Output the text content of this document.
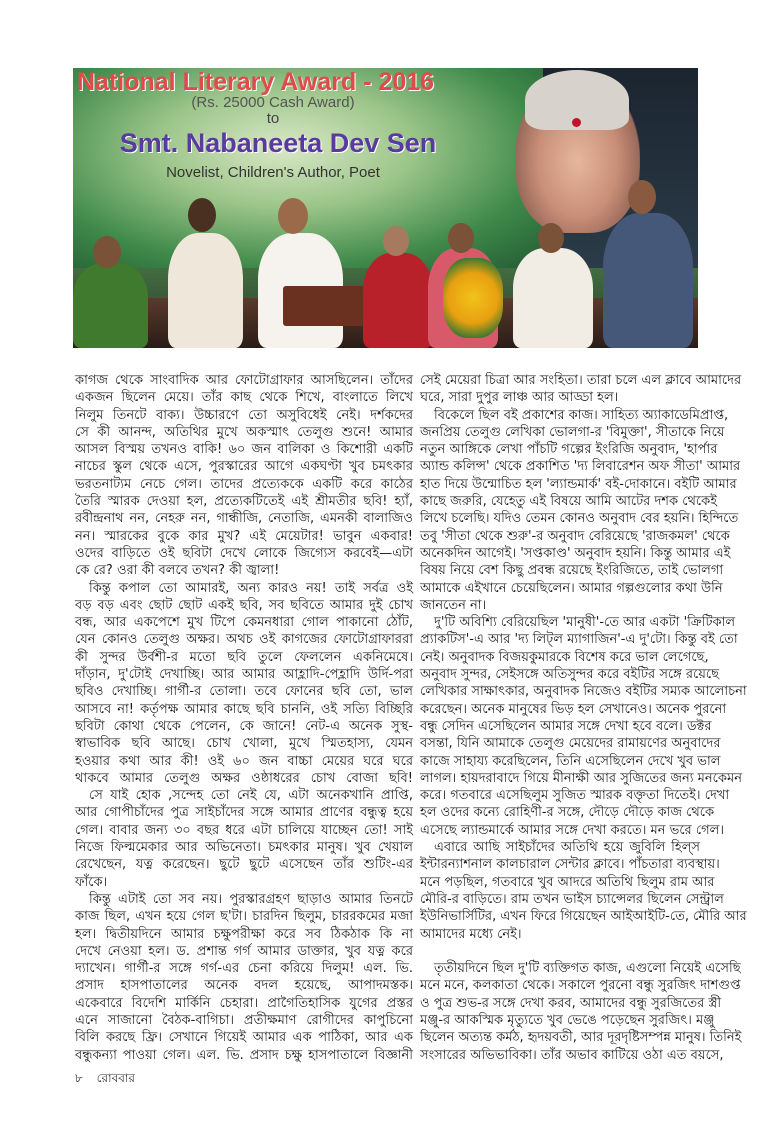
National Literary Award - 2016
(Rs. 25000 Cash Award)
to
Smt. Nabaneeta Dev Sen
Novelist, Children's Author, Poet
কাগজ থেকে সাংবাদিক আর ফোটোগ্রাফার আসছিলেন। তাঁদের
একজন ছিলেন মেয়ে। তাঁর কাছ থেকে শিখে, বাংলাতে লিখে
নিলুম তিনটে বাক্য। উচ্চারণে তো অসুবিধেই নেই। দর্শকদের
সে কী আনন্দ, অতিথির মুখে অকস্মাৎ তেলুগু শুনে! আমার
আসল বিস্ময় তখনও বাকি! ৬০ জন বালিকা ও কিশোরী একটি
নাচের স্কুল থেকে এসে, পুরস্কারের আগে একঘণ্টা খুব চমৎকার
ভরতনাট্যম নেচে গেল। তাদের প্রত্যেককে একটি করে কাঠের
তৈরি স্মারক দেওয়া হল, প্রত্যেকটিতেই এই শ্রীমতীর ছবি! হ্যাঁ,
রবীন্দ্রনাথ নন, নেহরু নন, গান্ধীজি, নেতাজি, এমনকী বালাজিও
নন। স্মারকের বুকে কার মুখ? এই মেয়েটার! ভাবুন একবার!
ওদের বাড়িতে ওই ছবিটা দেখে লোকে জিগ্যেস করবেই—এটা
কে রে? ওরা কী বলবে তখন? কী জ্বালা!
কিন্তু কপাল তো আমারই, অন্য কারও নয়! তাই সর্বত্র ওই
বড় বড় এবং ছোট ছোট একই ছবি, সব ছবিতে আমার দুই চোখ
বন্ধ, আর একপেশে মুখ টিপে কেমনধারা গোল পাকানো ঠোঁট,
যেন কোনও তেলুগু অক্ষর। অথচ ওই কাগজের ফোটোগ্রাফাররা
কী সুন্দর উর্বশী-র মতো ছবি তুলে ফেললেন একনিমেষে।
দাঁড়ান, দু'টোই দেখাচ্ছি। আর আমার আহ্লাদি-পেহ্লাদি উর্দি-পরা
ছবিও দেখাচ্ছি। গার্গী-র তোলা। তবে ফোনের ছবি তো, ভাল
আসবে না! কর্তৃপক্ষ আমার কাছে ছবি চাননি, ওই সত্যি বিচ্ছিরি
ছবিটা কোথা থেকে পেলেন, কে জানে! নেট-এ অনেক সুস্থ-
স্বাভাবিক ছবি আছে। চোখ খোলা, মুখে স্মিতহাস্য, যেমন
হওয়ার কথা আর কী! ওই ৬০ জন বাচ্চা মেয়ের ঘরে ঘরে
থাকবে আমার তেলুগু অক্ষর ওষ্ঠাধরের চোখ বোজা ছবি!
সে যাই হোক ,সন্দেহ তো নেই যে, এটা অনেকখানি প্রাপ্তি,
আর গোপীচাঁদের পুত্র সাইচাঁদের সঙ্গে আমার প্রাণের বন্ধুত্ব হয়ে
গেল। বাবার জন্য ৩০ বছর ধরে এটা চালিয়ে যাচ্ছেন তো! সাই
নিজে ফিল্মমেকার আর অভিনেতা। চমৎকার মানুষ। খুব খেয়াল
রেখেছেন, যত্ন করেছেন। ছুটে ছুটে এসেছেন তাঁর শুটিং-এর
ফাঁকে।
কিন্তু এটাই তো সব নয়। পুরস্কারগ্রহণ ছাড়াও আমার তিনটে
কাজ ছিল, এখন হয়ে গেল ছ'টা। চারদিন ছিলুম, চাররকমের মজা
হল। দ্বিতীয়দিনে আমার চক্ষুপরীক্ষা করে সব ঠিকঠাক কি না
দেখে নেওয়া হল। ড. প্রশান্ত গর্গ আমার ডাক্তার, খুব যত্ন করে
দ্যাখেন। গার্গী-র সঙ্গে গর্গ-এর চেনা করিয়ে দিলুম! এল. ভি.
প্রসাদ হাসপাতালের অনেক বদল হয়েছে, আপাদমস্তক।
একেবারে বিদেশি মার্কিনি চেহারা। প্রাগৈতিহাসিক যুগের প্রস্তর
এনে সাজানো বৈঠক-বাগিচা। প্রতীক্ষমাণ রোগীদের কাপুচিনো
বিলি করছে ফ্রি। সেখানে গিয়েই আমার এক পাঠিকা, আর এক
বন্ধুকন্যা পাওয়া গেল। এল. ভি. প্রসাদ চক্ষু হাসপাতালে বিজ্ঞানী
সেই মেয়েরা চিত্রা আর সংহিতা। তারা চলে এল ক্লাবে আমাদের
ঘরে, সারা দুপুর লাঞ্চ আর আড্ডা হল।
বিকেলে ছিল বই প্রকাশের কাজ। সাহিত্য অ্যাকাডেমিপ্রাপ্ত,
জনপ্রিয় তেলুগু লেখিকা ভোলগা-র 'বিমুক্তা', সীতাকে নিয়ে
নতুন আঙ্গিকে লেখা পাঁচটি গল্পের ইংরিজি অনুবাদ, 'হার্পার
অ্যান্ড কলিন্স' থেকে প্রকাশিত 'দ্য লিবারেশন অফ সীতা' আমার
হাত দিয়ে উন্মোচিত হল 'ল্যান্ডমার্ক' বই-দোকানে। বইটি আমার
কাছে জরুরি, যেহেতু এই বিষয়ে আমি আটের দশক থেকেই
লিখে চলেছি। যদিও তেমন কোনও অনুবাদ বের হয়নি। হিন্দিতে
তবু 'সীতা থেকে শুরু'-র অনুবাদ বেরিয়েছে 'রাজকমল' থেকে
অনেকদিন আগেই। 'সপ্তকাণ্ড' অনুবাদ হয়নি। কিন্তু আমার এই
বিষয় নিয়ে বেশ কিছু প্রবন্ধ রয়েছে ইংরিজিতে, তাই ভোলগা
আমাকে এইখানে চেয়েছিলেন। আমার গল্পগুলোর কথা উনি
জানতেন না।
দু'টি অবিশ্যি বেরিয়েছিল 'মানুষী'-তে আর একটা 'ক্রিটিকাল
প্র্যাকটিস'-এ আর 'দ্য লিট্ল ম্যাগাজিন'-এ দু'টো। কিন্তু বই তো
নেই। অনুবাদক বিজয়কুমারকে বিশেষ করে ভাল লেগেছে,
অনুবাদ সুন্দর, সেইসঙ্গে অতিসুন্দর করে বইটির সঙ্গে রয়েছে
লেখিকার সাক্ষাৎকার, অনুবাদক নিজেও বইটির সম্যক আলোচনা
করেছেন। অনেক মানুষের ভিড় হল সেখানেও। অনেক পুরনো
বন্ধু সেদিন এসেছিলেন আমার সঙ্গে দেখা হবে বলে। ডক্টর
বসন্তা, যিনি আমাকে তেলুগু মেয়েদের রামায়ণের অনুবাদের
কাজে সাহায্য করেছিলেন, তিনি এসেছিলেন দেখে খুব ভাল
লাগল। হায়দরাবাদে গিয়ে মীনাক্ষী আর সুজিতের জন্য মনকেমন
করে। গতবারে এসেছিলুম সুজিত স্মারক বক্তৃতা দিতেই। দেখা
হল ওদের কন্যে রোহিণী-র সঙ্গে, দৌড়ে দৌড়ে কাজ থেকে
এসেছে ল্যান্ডমার্কে আমার সঙ্গে দেখা করতে। মন ভরে গেল।
এবারে আছি সাইচাঁদের অতিথি হয়ে জুবিলি হিল্স
ইন্টারন্যাশনাল কালচারাল সেন্টার ক্লাবে। পাঁচতারা ব্যবস্থায়।
মনে পড়ছিল, গতবারে খুব আদরে অতিথি ছিলুম রাম আর
মৌরি-র বাড়িতে। রাম তখন ভাইস চ্যান্সেলর ছিলেন সেন্ট্রাল
ইউনিভার্সিটির, এখন ফিরে গিয়েছেন আইআইটি-তে, মৌরি আর
আমাদের মধ্যে নেই।
তৃতীয়দিনে ছিল দু'টি ব্যক্তিগত কাজ, এগুলো নিয়েই এসেছি
মনে মনে, কলকাতা থেকে। সকালে পুরনো বন্ধু সুরজিৎ দাশগুপ্ত
ও পুত্র শুভ-র সঙ্গে দেখা করব, আমাদের বন্ধু সুরজিতের স্ত্রী
মঞ্জু-র আকস্মিক মৃত্যুতে খুব ভেঙে পড়েছেন সুরজিৎ। মঞ্জু
ছিলেন অত্যন্ত কর্মঠ, হৃদয়বতী, আর দূরদৃষ্টিসম্পন্ন মানুষ। তিনিই
সংসারের অভিভাবিকা। তাঁর অভাব কাটিয়ে ওঠা এত বয়সে,
৮ রোববার
